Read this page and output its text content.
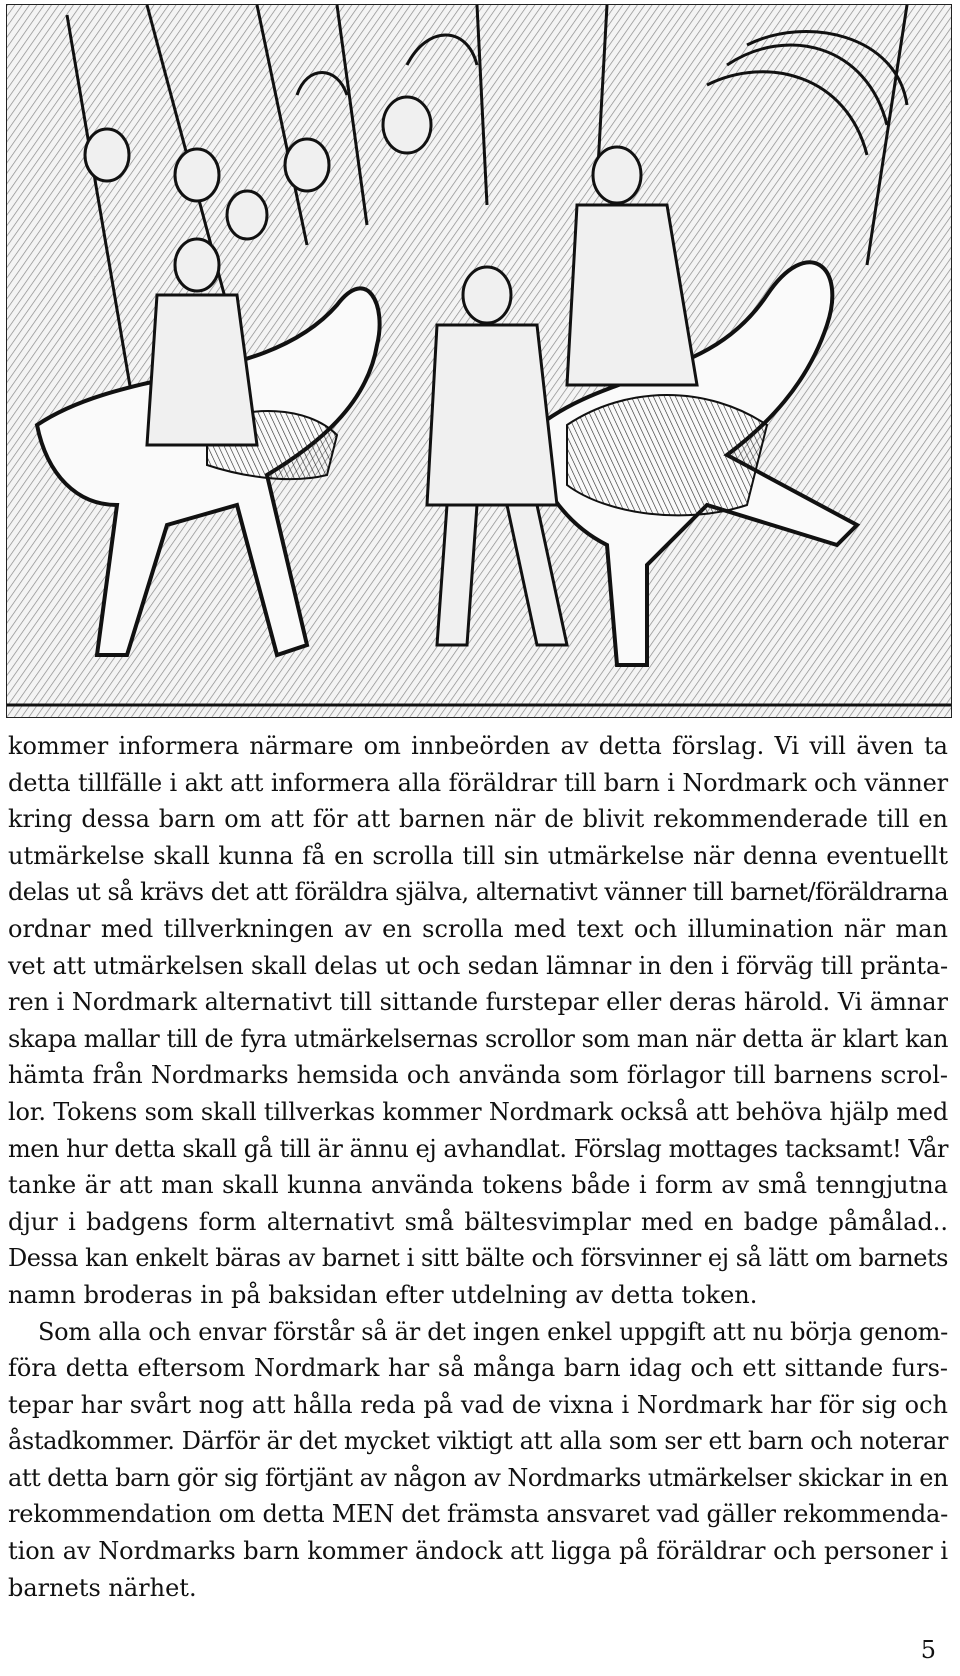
kommer informera närmare om innbeörden av detta förslag. Vi vill även ta
detta tillfälle i akt att informera alla föräldrar till barn i Nordmark och vänner
kring dessa barn om att för att barnen när de blivit rekommenderade till en
utmärkelse skall kunna få en scrolla till sin utmärkelse när denna eventuellt
delas ut så krävs det att föräldra själva, alternativt vänner till barnet/föräldrarna
ordnar med tillverkningen av en scrolla med text och illumination när man
vet att utmärkelsen skall delas ut och sedan lämnar in den i förväg till pränta-
ren i Nordmark alternativt till sittande furstepar eller deras härold. Vi ämnar
skapa mallar till de fyra utmärkelsernas scrollor som man när detta är klart kan
hämta från Nordmarks hemsida och använda som förlagor till barnens scrol-
lor. Tokens som skall tillverkas kommer Nordmark också att behöva hjälp med
men hur detta skall gå till är ännu ej avhandlat. Förslag mottages tacksamt! Vår
tanke är att man skall kunna använda tokens både i form av små tenngjutna
djur i badgens form alternativt små bältesvimplar med en badge påmålad..
Dessa kan enkelt bäras av barnet i sitt bälte och försvinner ej så lätt om barnets
namn broderas in på baksidan efter utdelning av detta token.

Som alla och envar förstår så är det ingen enkel uppgift att nu börja genom-
föra detta eftersom Nordmark har så många barn idag och ett sittande furs-
tepar har svårt nog att hålla reda på vad de vixna i Nordmark har för sig och
åstadkommer. Därför är det mycket viktigt att alla som ser ett barn och noterar
att detta barn gör sig förtjänt av någon av Nordmarks utmärkelser skickar in en
rekommendation om detta MEN det främsta ansvaret vad gäller rekommenda-
tion av Nordmarks barn kommer ändock att ligga på föräldrar och personer i
barnets närhet.

5
